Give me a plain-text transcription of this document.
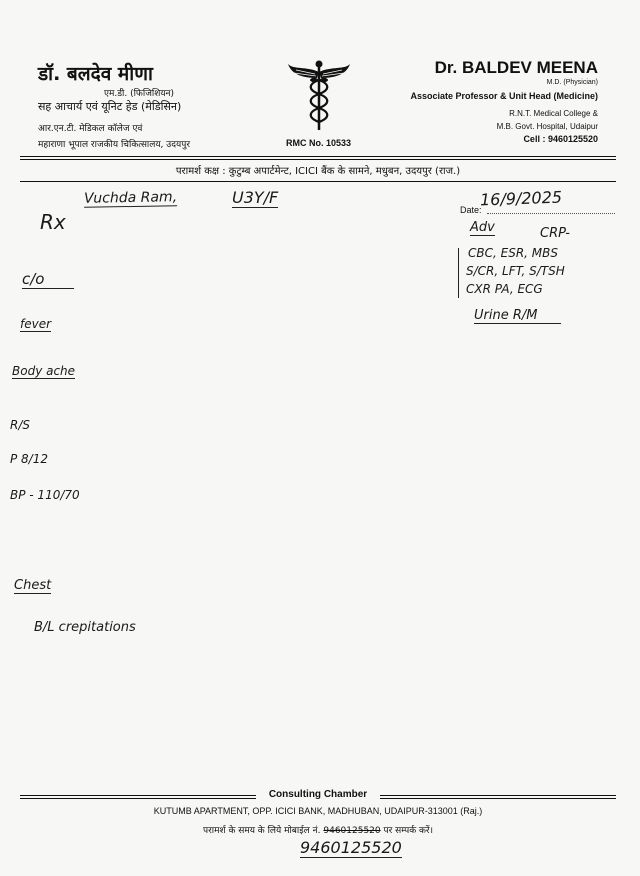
डॉ. बलदेव मीणा
एम.डी. (फिजिशियन)
सह आचार्य एवं यूनिट हेड (मेडिसिन)
आर.एन.टी. मेडिकल कॉलेज एवं
महाराणा भूपाल राजकीय चिकित्सालय, उदयपुर	RMC No. 10533
Dr. BALDEV MEENA
M.D. (Physician)
Associate Professor & Unit Head (Medicine)
R.N.T. Medical College &
M.B. Govt. Hospital, Udaipur
Cell : 9460125520
परामर्श कक्ष : कुटुम्ब अपार्टमेन्ट, ICICI बैंक के सामने, मधुबन, उदयपुर (राज.)
Vuchda Ram,	U3Y/F	16/9/2025
Date:
Rx
c/o
fever
Body ache
R/S
P 8/12
BP - 110/70
Chest
B/L crepitations
Adv	CRP-
CBC, ESR, MBS
S/CR, LFT, S/TSH
CXR PA, ECG
Urine R/M
Consulting Chamber
KUTUMB APARTMENT, OPP. ICICI BANK, MADHUBAN, UDAIPUR-313001 (Raj.)
परामर्श के समय के लिये मोबाईल नं. 9460125520 पर सम्पर्क करें।
9460125520
